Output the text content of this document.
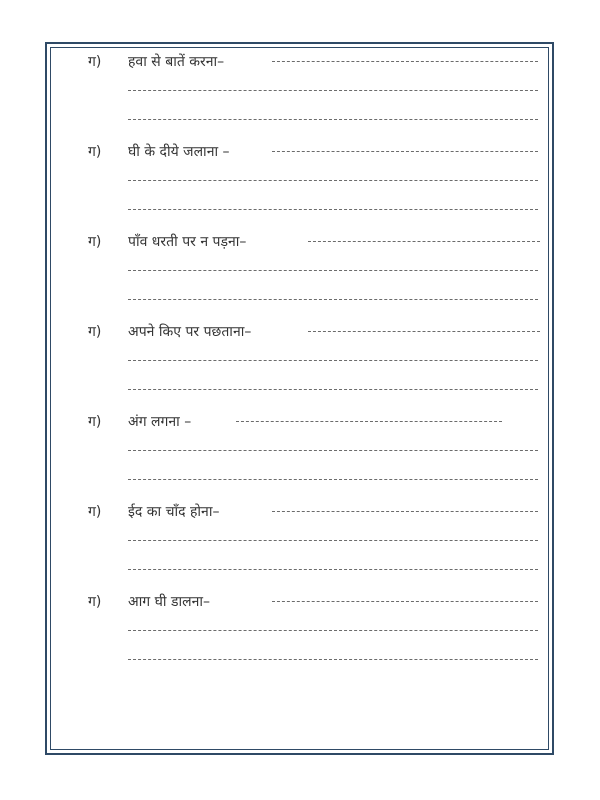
ग) हवा से बातें करना–
ग) घी के दीये जलाना –
ग) पाँव धरती पर न पड़ना–
ग) अपने किए पर पछताना–
ग) अंग लगना –
ग) ईद का चाँद होना–
ग) आग घी डालना–
